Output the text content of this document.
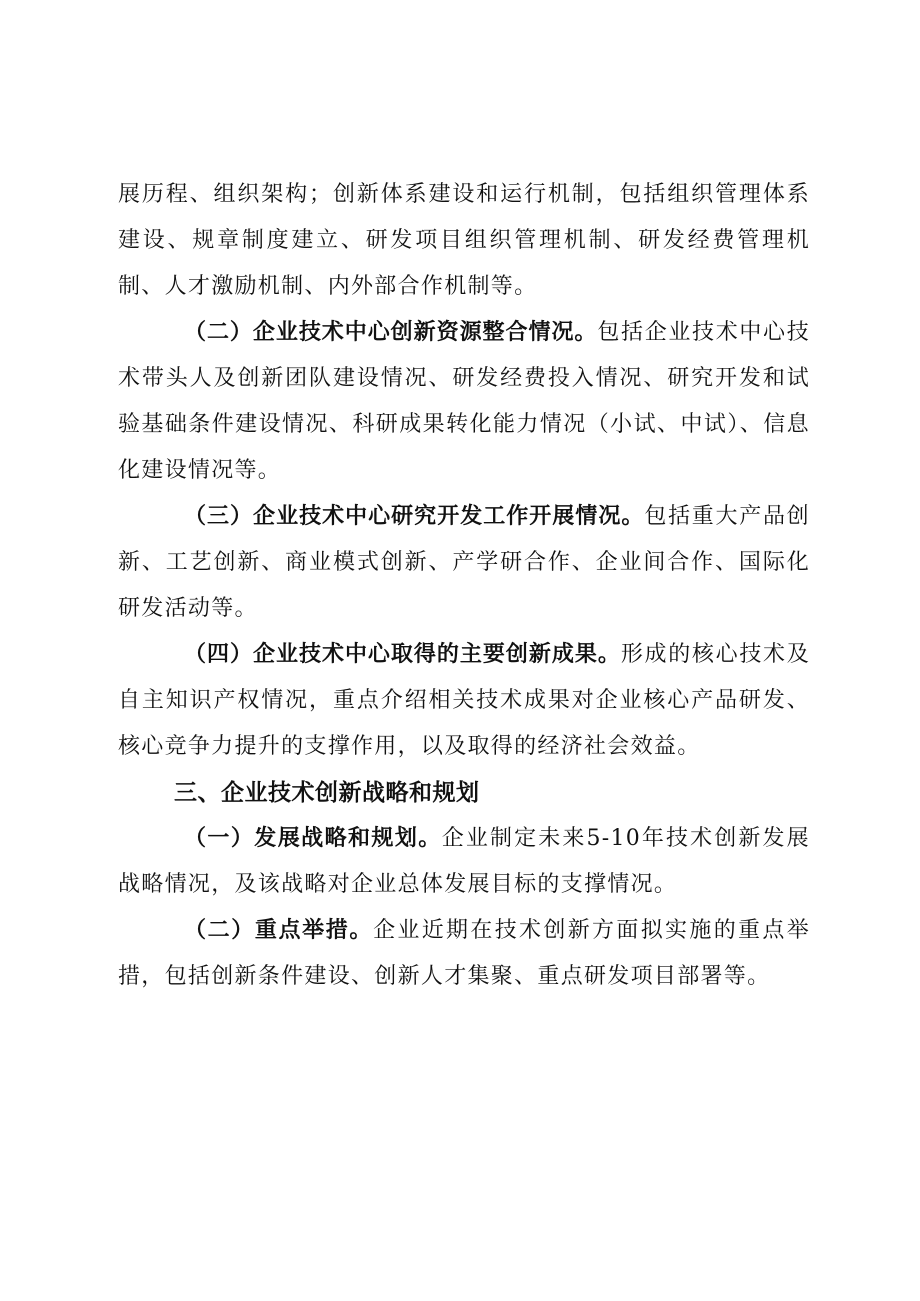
展历程、组织架构；创新体系建设和运行机制，包括组织管理体系建设、规章制度建立、研发项目组织管理机制、研发经费管理机制、人才激励机制、内外部合作机制等。

（二）企业技术中心创新资源整合情况。包括企业技术中心技术带头人及创新团队建设情况、研发经费投入情况、研究开发和试验基础条件建设情况、科研成果转化能力情况（小试、中试）、信息化建设情况等。

（三）企业技术中心研究开发工作开展情况。包括重大产品创新、工艺创新、商业模式创新、产学研合作、企业间合作、国际化研发活动等。

（四）企业技术中心取得的主要创新成果。形成的核心技术及自主知识产权情况，重点介绍相关技术成果对企业核心产品研发、核心竞争力提升的支撑作用，以及取得的经济社会效益。

三、企业技术创新战略和规划

（一）发展战略和规划。企业制定未来5-10年技术创新发展战略情况，及该战略对企业总体发展目标的支撑情况。

（二）重点举措。企业近期在技术创新方面拟实施的重点举措，包括创新条件建设、创新人才集聚、重点研发项目部署等。
